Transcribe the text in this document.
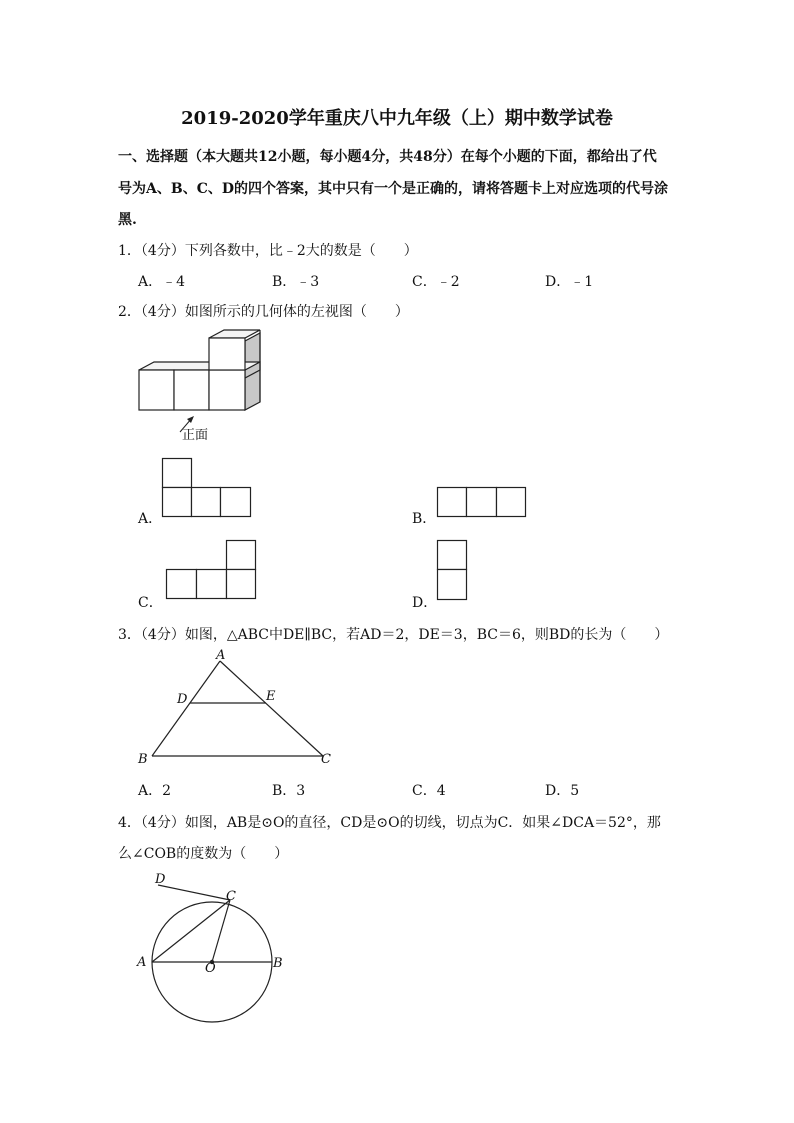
2019-2020学年重庆八中九年级（上）期中数学试卷
一、选择题（本大题共12小题，每小题4分，共48分）在每个小题的下面，都给出了代
号为A、B、C、D的四个答案，其中只有一个是正确的，请将答题卡上对应选项的代号涂
黑.
1．（4分）下列各数中，比﹣2大的数是（　　）
A．﹣4	B．﹣3	C．﹣2	D．﹣1
2．（4分）如图所示的几何体的左视图（　　）
正面
A．	B．
C．	D．
3．（4分）如图，△ABC中DE∥BC，若AD＝2，DE＝3，BC＝6，则BD的长为（　　）
A
D	E
B	C
A．2	B．3	C．4	D．5
4．（4分）如图，AB是⊙O的直径，CD是⊙O的切线，切点为C．如果∠DCA＝52°，那
么∠COB的度数为（　　）
D
C
A	O	B
